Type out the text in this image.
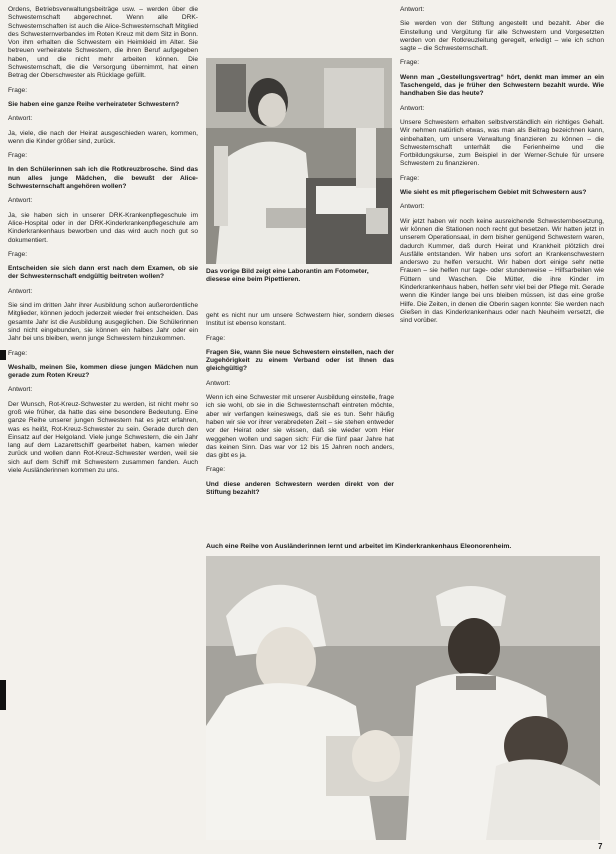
Ordens, Betriebsverwaltungsbeiträge usw. – werden über die Schwesternschaft abgerechnet. Wenn alle DRK-Schwesternschaften ist auch die Alice-Schwesternschaft Mitglied des Schwesternverbandes im Roten Kreuz mit dem Sitz in Bonn. Von ihm erhalten die Schwestern ein Heimkleid im Alter. Sie betreuen verheiratete Schwestern, die ihren Beruf aufgegeben haben, und die nicht mehr arbeiten können. Die Schwesternschaft, die die Versorgung übernimmt, hat einen Betrag der Oberschwester als Rücklage gefüllt.

Frage:

Sie haben eine ganze Reihe verheirateter Schwestern?

Antwort:

Ja, viele, die nach der Heirat ausgeschieden waren, kommen, wenn die Kinder größer sind, zurück.

Frage:

In den Schülerinnen sah ich die Rotkreuzbrosche. Sind das nun alles junge Mädchen, die bewußt der Alice-Schwesternschaft angehören wollen?

Antwort:

Ja, sie haben sich in unserer DRK-Krankenpflegeschule im Alice-Hospital oder in der DRK-Kinderkrankenpflegeschule am Kinderkrankenhaus beworben und das wird auch noch gut so dokumentiert.

Frage:

Entscheiden sie sich dann erst nach dem Examen, ob sie der Schwesternschaft endgültig beitreten wollen?

Antwort:

Sie sind im dritten Jahr ihrer Ausbildung schon außerordentliche Mitglieder, können jedoch jederzeit wieder frei entscheiden. Das gesamte Jahr ist die Ausbildung ausgeglichen. Die Schülerinnen sind nicht eingebunden, sie können ein halbes Jahr oder ein Jahr bei uns bleiben, wenn junge Schwestern hinzukommen.

Frage:

Weshalb, meinen Sie, kommen diese jungen Mädchen nun gerade zum Roten Kreuz?

Antwort:

Der Wunsch, Rot-Kreuz-Schwester zu werden, ist nicht mehr so groß wie früher, da hatte das eine besondere Bedeutung. Eine ganze Reihe unserer jungen Schwestern hat es jetzt erfahren, was es heißt, Rot-Kreuz-Schwester zu sein. Gerade durch den Einsatz auf der Helgoland. Viele junge Schwestern, die ein Jahr lang auf dem Lazarettschiff gearbeitet haben, kamen wieder zurück und wollen dann Rot-Kreuz-Schwester werden, weil sie sich auf dem Schiff mit Schwestern zusammen fanden. Auch viele Ausländerinnen kommen zu uns.

Das vorige Bild zeigt eine Laborantin am Fotometer, diesese eine beim Pipettieren.

geht es nicht nur um unsere Schwestern hier, sondern dieses Institut ist ebenso konstant.

Frage:

Fragen Sie, wann Sie neue Schwestern einstellen, nach der Zugehörigkeit zu einem Verband oder ist Ihnen das gleichgültig?

Antwort:

Wenn ich eine Schwester mit unserer Ausbildung einstelle, frage ich sie wohl, ob sie in die Schwesternschaft eintreten möchte, aber wir verfangen keineswegs, daß sie es tun. Sehr häufig haben wir sie vor ihrer verabredeten Zeit – sie stehen entweder vor der Heirat oder sie wissen, daß sie wieder vom Hier weggehen wollen und sagen sich: Für die fünf paar Jahre hat das keinen Sinn. Das war vor 12 bis 15 Jahren noch anders, das gibt es ja.

Frage:

Und diese anderen Schwestern werden direkt von der Stiftung bezahlt?

Antwort:

Sie werden von der Stiftung angestellt und bezahlt. Aber die Einstellung und Vergütung für alle Schwestern und Vorgesetzten werden von der Rotkreuzleitung geregelt, erledigt – wie ich schon sagte – die Schwesternschaft.

Frage:

Wenn man „Gestellungsvertrag“ hört, denkt man immer an ein Taschengeld, das je früher den Schwestern bezahlt wurde. Wie handhaben Sie das heute?

Antwort:

Unsere Schwestern erhalten selbstverständlich ein richtiges Gehalt. Wir nehmen natürlich etwas, was man als Beitrag bezeichnen kann, einbehalten, um unsere Verwaltung finanzieren zu können – die Schwesternschaft unterhält die Ferienheime und die Fortbildungskurse, zum Beispiel in der Werner-Schule für unsere Schwestern zu finanzieren.

Frage:

Wie sieht es mit pflegerischem Gebiet mit Schwestern aus?

Antwort:

Wir jetzt haben wir noch keine ausreichende Schwesternbesetzung, wir können die Stationen noch recht gut besetzen. Wir hatten jetzt in unserem Operationsaal, in dem bisher genügend Schwestern waren, dadurch Kummer, daß durch Heirat und Krankheit plötzlich drei Ausfälle entstanden. Wir haben uns sofort an Krankenschwestern anderswo zu helfen versucht. Wir haben dort einige sehr nette Frauen – sie helfen nur tage- oder stundenweise – Hilfsarbeiten wie Füttern und Waschen. Die Mütter, die ihre Kinder im Kinderkrankenhaus haben, helfen sehr viel bei der Pflege mit. Gerade wenn die Kinder lange bei uns bleiben müssen, ist das eine große Hilfe. Die Zeiten, in denen die Oberin sagen konnte: Sie werden nach Gießen in das Kinderkrankenhaus oder nach Neuheim versetzt, die sind vorüber.

Auch eine Reihe von Ausländerinnen lernt und arbeitet im Kinderkrankenhaus Eleonorenheim.
7
